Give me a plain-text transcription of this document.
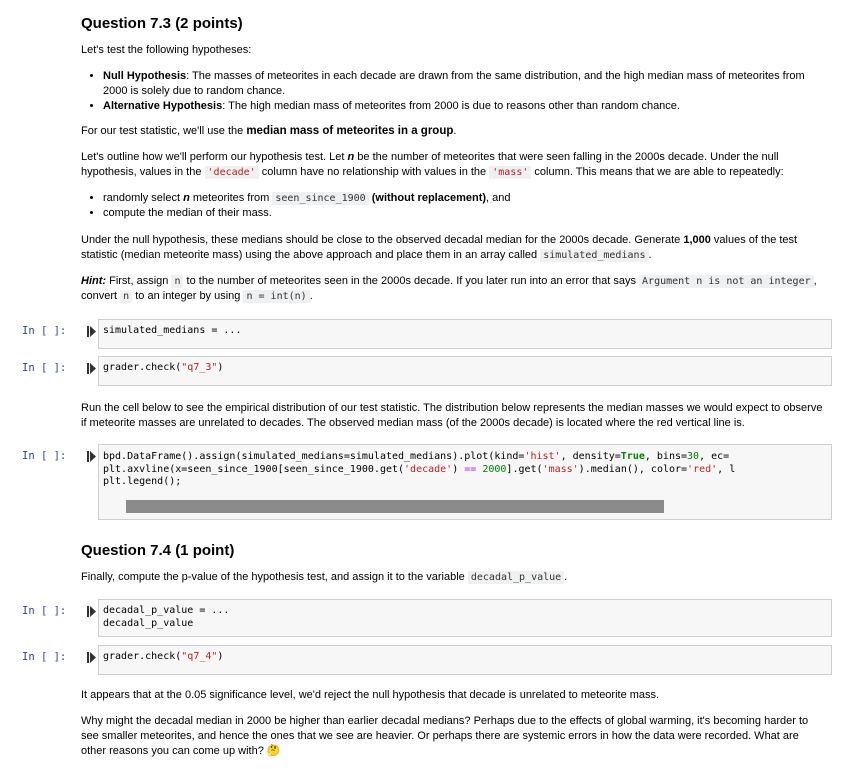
Question 7.3 (2 points)

Let's test the following hypotheses:

• Null Hypothesis: The masses of meteorites in each decade are drawn from the same distribution, and the high median mass of meteorites from 2000 is solely due to random chance.
• Alternative Hypothesis: The high median mass of meteorites from 2000 is due to reasons other than random chance.

For our test statistic, we'll use the median mass of meteorites in a group.

Let's outline how we'll perform our hypothesis test. Let n be the number of meteorites that were seen falling in the 2000s decade. Under the null hypothesis, values in the 'decade' column have no relationship with values in the 'mass' column. This means that we are able to repeatedly:

• randomly select n meteorites from seen_since_1900 (without replacement), and
• compute the median of their mass.

Under the null hypothesis, these medians should be close to the observed decadal median for the 2000s decade. Generate 1,000 values of the test statistic (median meteorite mass) using the above approach and place them in an array called simulated_medians .

Hint: First, assign n to the number of meteorites seen in the 2000s decade. If you later run into an error that says Argument n is not an integer , convert n to an integer by using n = int(n) .

In [ ]:	simulated_medians = ...
In [ ]:	grader.check("q7_3")

Run the cell below to see the empirical distribution of our test statistic. The distribution below represents the median masses we would expect to observe if meteorite masses are unrelated to decades. The observed median mass (of the 2000s decade) is located where the red vertical line is.

In [ ]:	bpd.DataFrame().assign(simulated_medians=simulated_medians).plot(kind='hist', density=True, bins=30, ec=
plt.axvline(x=seen_since_1900[seen_since_1900.get('decade') == 2000].get('mass').median(), color='red', l
plt.legend();
Question 7.4 (1 point)

Finally, compute the p-value of the hypothesis test, and assign it to the variable decadal_p_value .

In [ ]:	decadal_p_value = ...
decadal_p_value
In [ ]:	grader.check("q7_4")

It appears that at the 0.05 significance level, we'd reject the null hypothesis that decade is unrelated to meteorite mass.

Why might the decadal median in 2000 be higher than earlier decadal medians? Perhaps due to the effects of global warming, it's becoming harder to see smaller meteorites, and hence the ones that we see are heavier. Or perhaps there are systemic errors in how the data were recorded. What are other reasons you can come up with? 🤔
